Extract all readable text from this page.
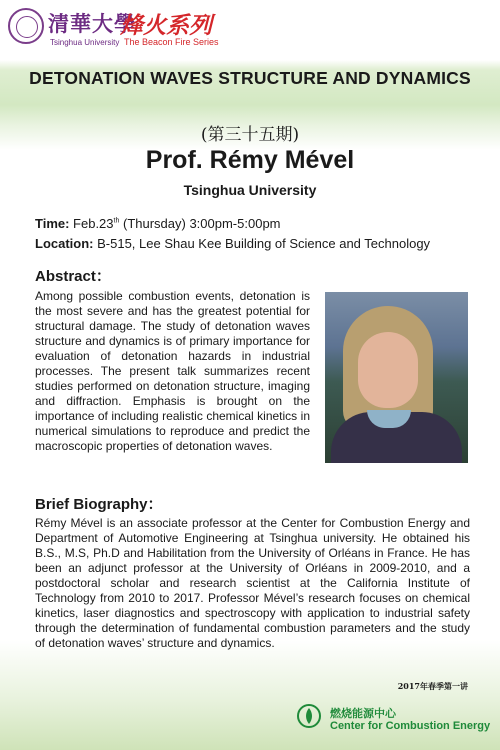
清華大學
Tsinghua University
烽火系列
The Beacon Fire Series
DETONATION WAVES STRUCTURE AND DYNAMICS
(第三十五期)
Prof. Rémy Mével
Tsinghua University
Time: Feb.23th (Thursday) 3:00pm-5:00pm
Location: B-515, Lee Shau Kee Building of Science and Technology
Abstract：
Among possible combustion events, detonation is the most severe and has the greatest potential for structural damage. The study of detonation waves structure and dynamics is of primary importance for evaluation of detonation hazards in industrial processes. The present talk summarizes recent studies performed on detonation structure, imaging and diffraction. Emphasis is brought on the importance of including realistic chemical kinetics in numerical simulations to reproduce and predict the macroscopic properties of detonation waves.
Brief Biography：
Rémy Mével is an associate professor at the Center for Combustion Energy and Department of Automotive Engineering at Tsinghua university. He obtained his B.S., M.S, Ph.D and Habilitation from the University of Orléans in France. He has been an adjunct professor at the University of Orléans in 2009-2010, and a postdoctoral scholar and research scientist at the California Institute of Technology from 2010 to 2017. Professor Mével’s research focuses on chemical kinetics, laser diagnostics and spectroscopy with application to industrial safety through the determination of fundamental combustion parameters and the study of detonation waves’ structure and dynamics.
2017年春季第一讲
燃烧能源中心
Center for Combustion Energy
